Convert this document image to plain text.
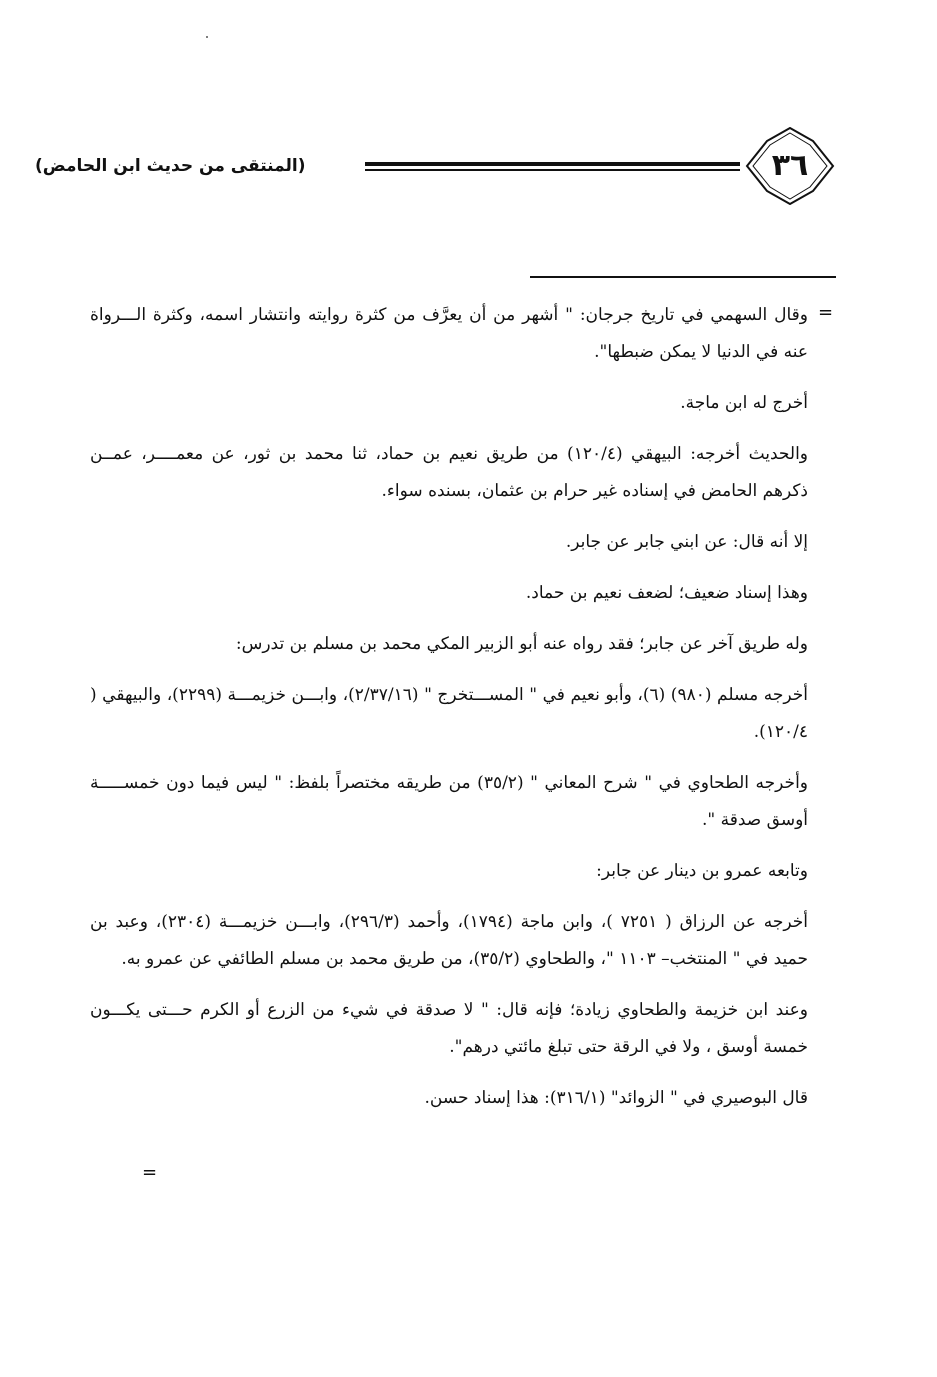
٣٦
(المنتقى من حديث ابن الحامض)
=

وقال السهمي في تاريخ جرجان: " أشهر من أن يعرَّف من كثرة روايته وانتشار اسمه، وكثرة الـــرواة عنه في الدنيا لا يمكن ضبطها".

أخرج له ابن ماجة.

والحديث أخرجه: البيهقي (١٢٠/٤) من طريق نعيم بن حماد، ثنا محمد بن ثور، عن معمــــر، عمــن ذكرهم الحامض في إسناده غير حرام بن عثمان، بسنده سواء.

إلا أنه قال: عن ابني جابر عن جابر.

وهذا إسناد ضعيف؛ لضعف نعيم بن حماد.

وله طريق آخر عن جابر؛ فقد رواه عنه أبو الزبير المكي محمد بن مسلم بن تدرس:

أخرجه مسلم (٩٨٠) (٦)، وأبو نعيم في " المســـتخرج " (٢/٣٧/١٦)، وابـــن خزيمـــة (٢٢٩٩)، والبيهقي ( ١٢٠/٤).

وأخرجه الطحاوي في " شرح المعاني " (٣٥/٢) من طريقه مختصراً بلفظ: " ليس فيما دون خمســـــة أوسق صدقة ".

وتابعه عمرو بن دينار عن جابر:

أخرجه عن الرزاق ( ٧٢٥١ )، وابن ماجة (١٧٩٤)، وأحمد (٢٩٦/٣)، وابـــن خزيمـــة (٢٣٠٤)، وعبد بن حميد في " المنتخب– ١١٠٣ "، والطحاوي (٣٥/٢)، من طريق محمد بن مسلم الطائفي عن عمرو به.

وعند ابن خزيمة والطحاوي زيادة؛ فإنه قال: " لا صدقة في شيء من الزرع أو الكرم حـــتى يكـــون خمسة أوسق ، ولا في الرقة حتى تبلغ مائتي درهم".

قال البوصيري في " الزوائد" (٣١٦/١): هذا إسناد حسن.

=
